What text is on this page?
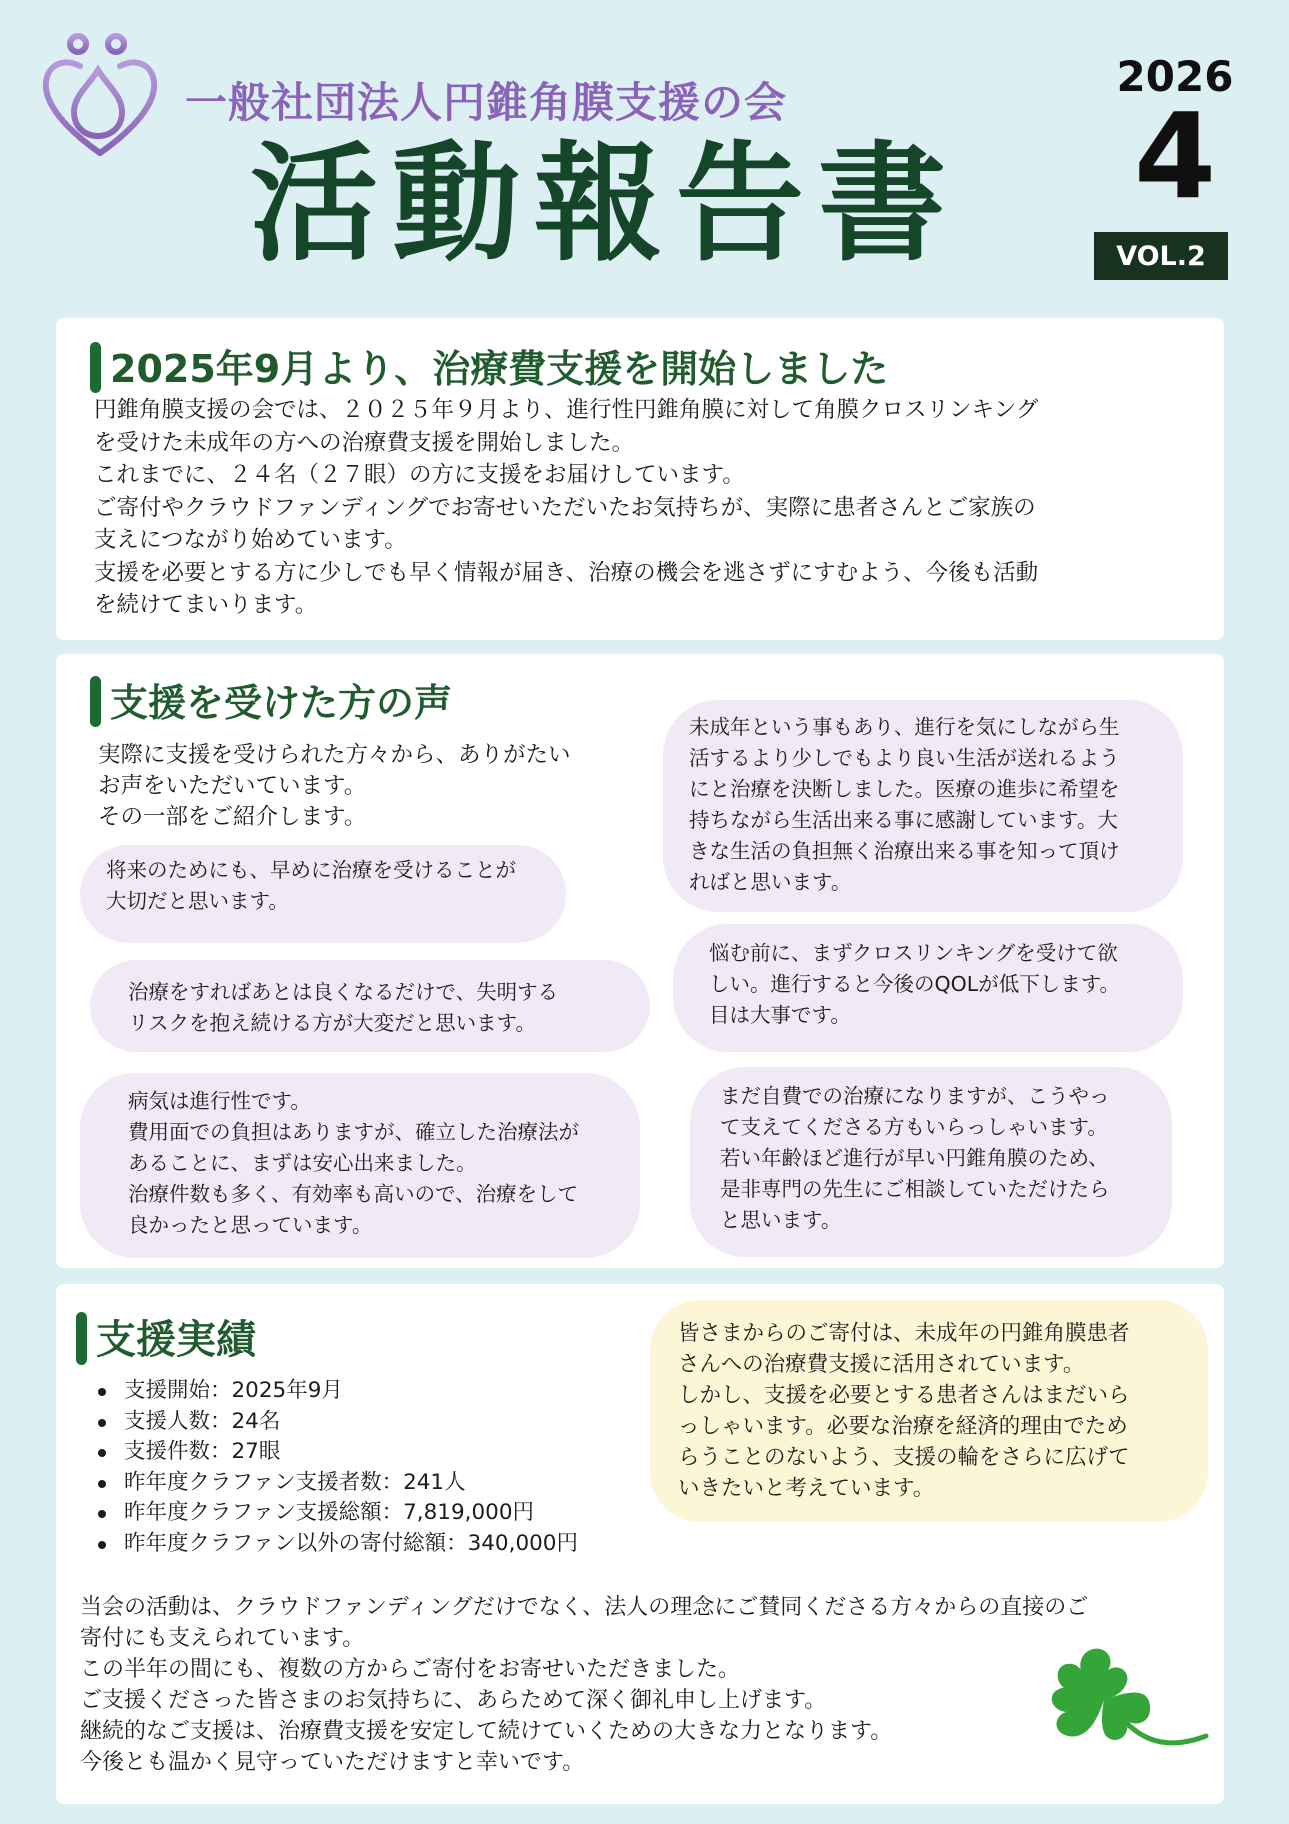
一般社団法人円錐角膜支援の会
活動報告書
2026
4
VOL.2
2025年9月より、治療費支援を開始しました

円錐角膜支援の会では、２０２５年９月より、進行性円錐角膜に対して角膜クロスリンキング
を受けた未成年の方への治療費支援を開始しました。

これまでに、２４名（２７眼）の方に支援をお届けしています。

ご寄付やクラウドファンディングでお寄せいただいたお気持ちが、実際に患者さんとご家族の
支えにつながり始めています。

支援を必要とする方に少しでも早く情報が届き、治療の機会を逃さずにすむよう、今後も活動
を続けてまいります。

支援を受けた方の声
実際に支援を受けられた方々から、ありがたい
お声をいただいています。
その一部をご紹介します。
将来のためにも、早めに治療を受けることが
大切だと思います。
治療をすればあとは良くなるだけで、失明する
リスクを抱え続ける方が大変だと思います。
病気は進行性です。
費用面での負担はありますが、確立した治療法が
あることに、まずは安心出来ました。
治療件数も多く、有効率も高いので、治療をして
良かったと思っています。
未成年という事もあり、進行を気にしながら生
活するより少しでもより良い生活が送れるよう
にと治療を決断しました。医療の進歩に希望を
持ちながら生活出来る事に感謝しています。大
きな生活の負担無く治療出来る事を知って頂け
ればと思います。
悩む前に、まずクロスリンキングを受けて欲
しい。進行すると今後のQOLが低下します。
目は大事です。
まだ自費での治療になりますが、こうやっ
て支えてくださる方もいらっしゃいます。
若い年齢ほど進行が早い円錐角膜のため、
是非専門の先生にご相談していただけたら
と思います。
支援実績
支援開始：2025年9月
支援人数：24名
支援件数：27眼
昨年度クラファン支援者数：241人
昨年度クラファン支援総額：7,819,000円
昨年度クラファン以外の寄付総額：340,000円
皆さまからのご寄付は、未成年の円錐角膜患者
さんへの治療費支援に活用されています。
しかし、支援を必要とする患者さんはまだいら
っしゃいます。必要な治療を経済的理由でため
らうことのないよう、支援の輪をさらに広げて
いきたいと考えています。
当会の活動は、クラウドファンディングだけでなく、法人の理念にご賛同くださる方々からの直接のご
寄付にも支えられています。
この半年の間にも、複数の方からご寄付をお寄せいただきました。
ご支援くださった皆さまのお気持ちに、あらためて深く御礼申し上げます。
継続的なご支援は、治療費支援を安定して続けていくための大きな力となります。
今後とも温かく見守っていただけますと幸いです。
